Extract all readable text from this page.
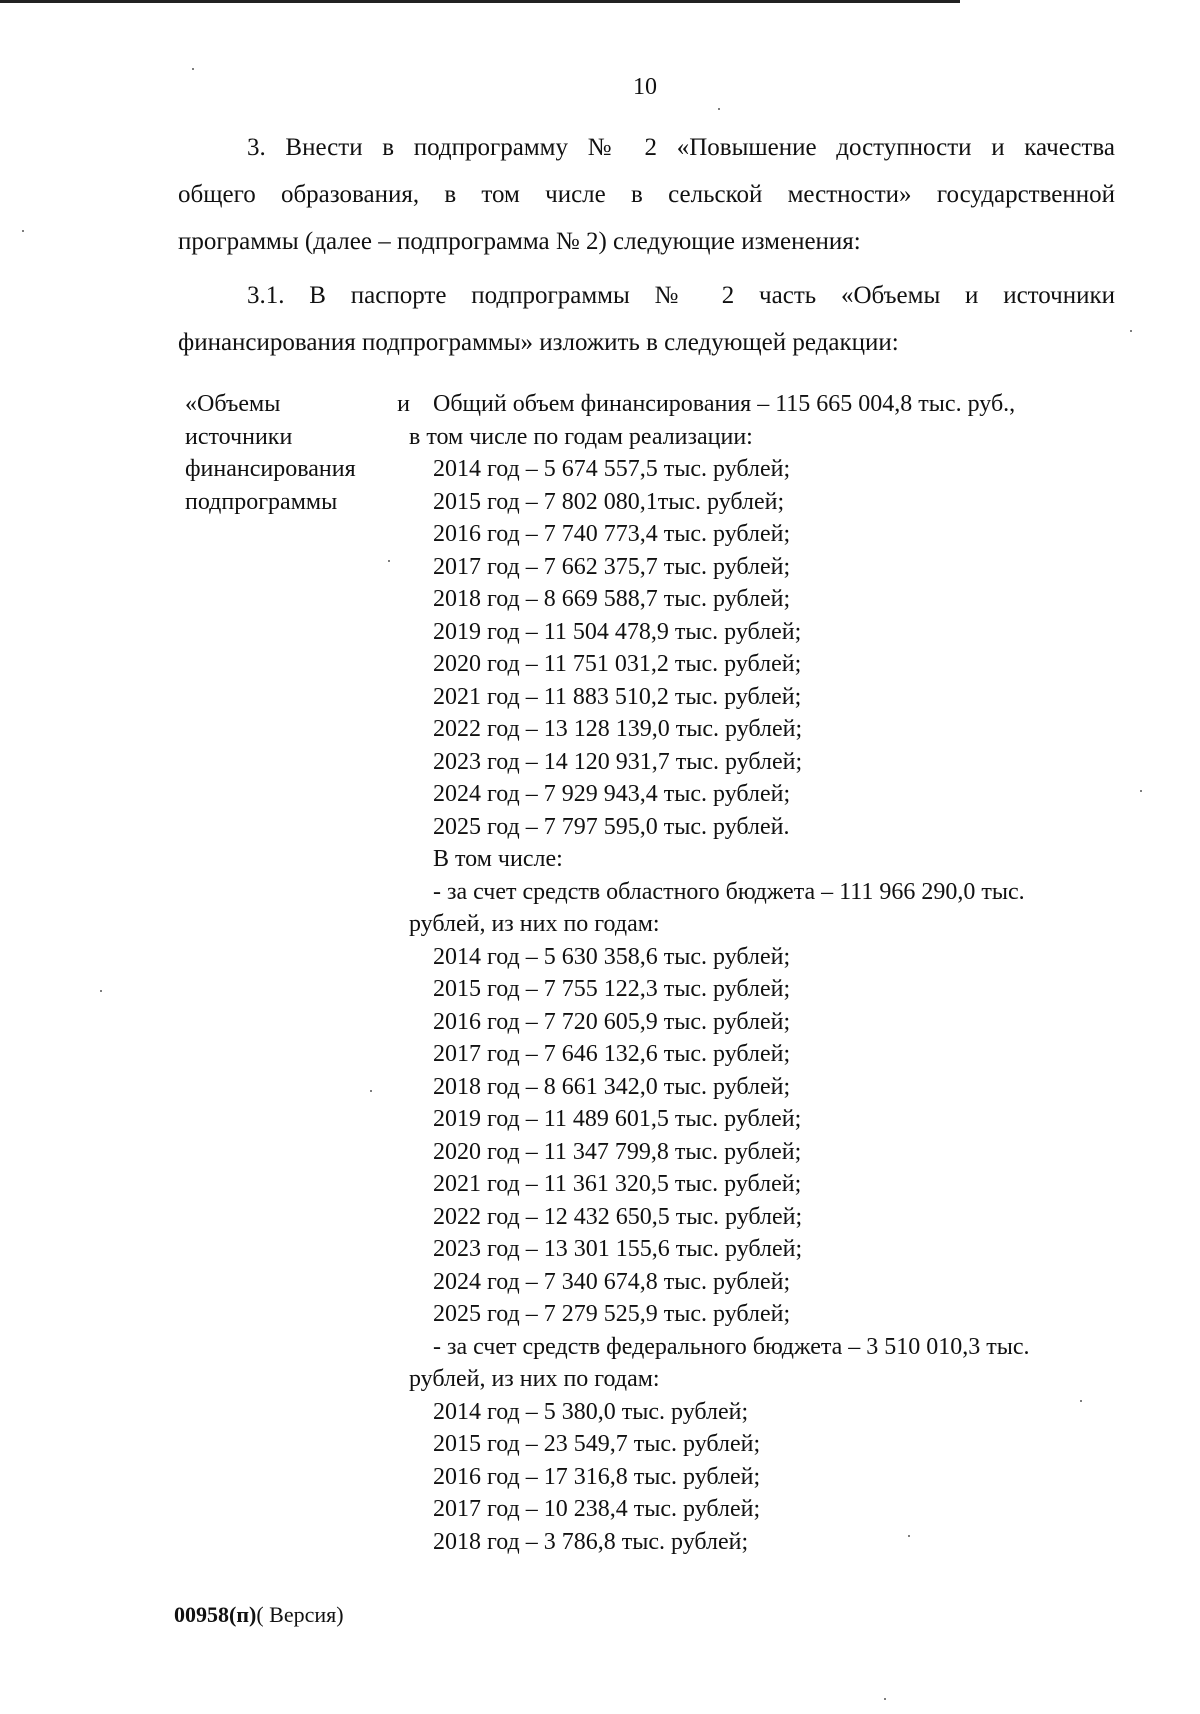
10
3. Внести в подпрограмму № 2 «Повышение доступности и качества
общего образования, в том числе в сельской местности» государственной
программы (далее – подпрограмма № 2) следующие изменения:
3.1. В паспорте подпрограммы № 2 часть «Объемы и источники
финансирования подпрограммы» изложить в следующей редакции:
«Объемы	и
источники
финансирования
подпрограммы
Общий объем финансирования – 115 665 004,8 тыс. руб.,
в том числе по годам реализации:
2014 год – 5 674 557,5 тыс. рублей;
2015 год – 7 802 080,1тыс. рублей;
2016 год – 7 740 773,4 тыс. рублей;
2017 год – 7 662 375,7 тыс. рублей;
2018 год – 8 669 588,7 тыс. рублей;
2019 год – 11 504 478,9 тыс. рублей;
2020 год – 11 751 031,2 тыс. рублей;
2021 год – 11 883 510,2 тыс. рублей;
2022 год – 13 128 139,0 тыс. рублей;
2023 год – 14 120 931,7 тыс. рублей;
2024 год – 7 929 943,4 тыс. рублей;
2025 год – 7 797 595,0 тыс. рублей.
В том числе:
- за счет средств областного бюджета – 111 966 290,0 тыс.
рублей, из них по годам:
2014 год – 5 630 358,6 тыс. рублей;
2015 год – 7 755 122,3 тыс. рублей;
2016 год – 7 720 605,9 тыс. рублей;
2017 год – 7 646 132,6 тыс. рублей;
2018 год – 8 661 342,0 тыс. рублей;
2019 год – 11 489 601,5 тыс. рублей;
2020 год – 11 347 799,8 тыс. рублей;
2021 год – 11 361 320,5 тыс. рублей;
2022 год – 12 432 650,5 тыс. рублей;
2023 год – 13 301 155,6 тыс. рублей;
2024 год – 7 340 674,8 тыс. рублей;
2025 год – 7 279 525,9 тыс. рублей;
- за счет средств федерального бюджета – 3 510 010,3 тыс.
рублей, из них по годам:
2014 год – 5 380,0 тыс. рублей;
2015 год – 23 549,7 тыс. рублей;
2016 год – 17 316,8 тыс. рублей;
2017 год – 10 238,4 тыс. рублей;
2018 год – 3 786,8 тыс. рублей;
00958(п)( Версия)
